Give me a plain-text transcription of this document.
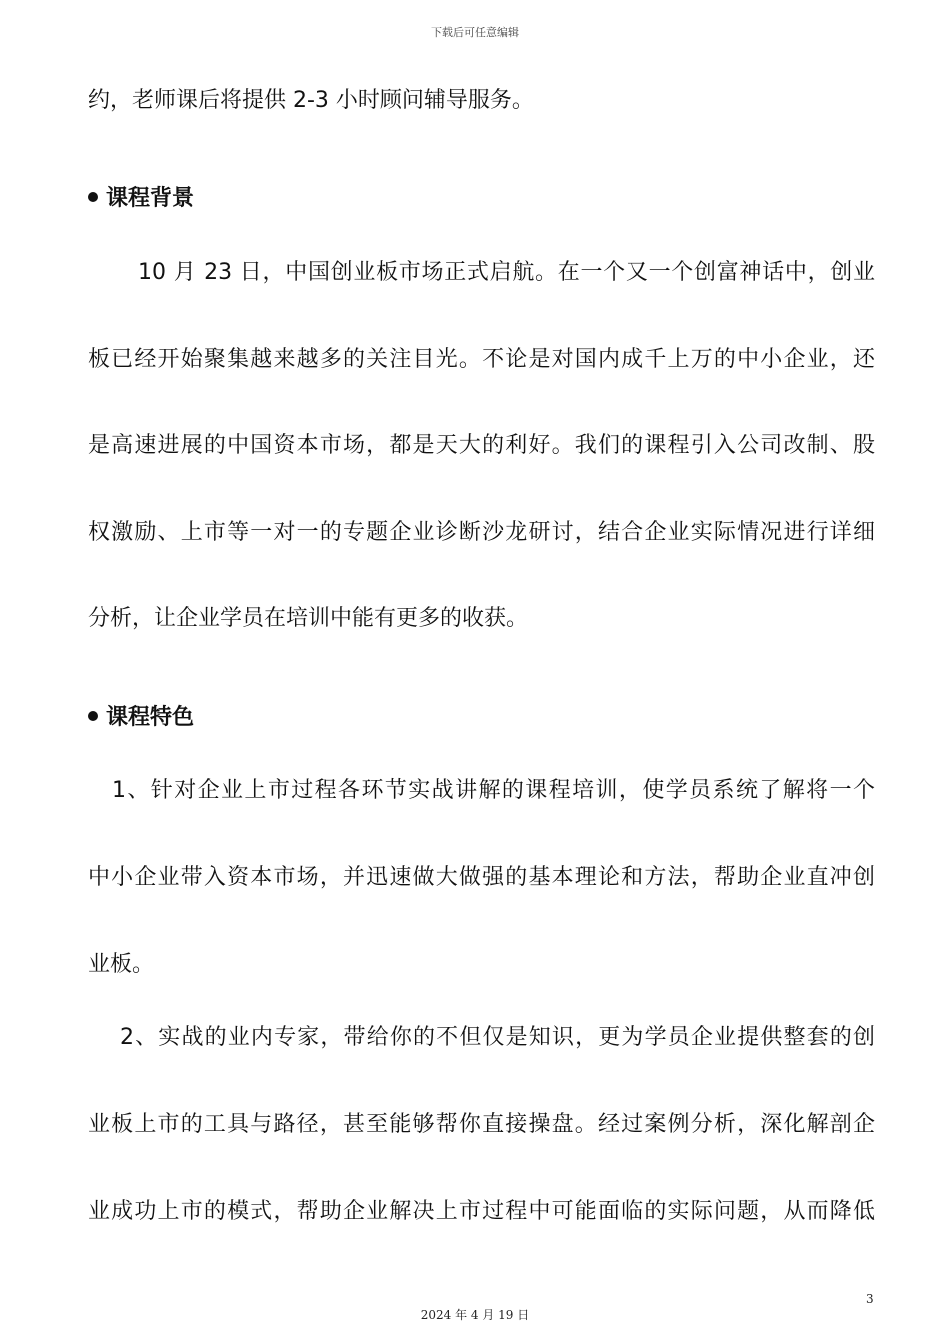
下载后可任意编辑
约，老师课后将提供 2-3 小时顾问辅导服务。
课程背景
10 月 23 日，中国创业板市场正式启航。在一个又一个创富神话中，创业
板已经开始聚集越来越多的关注目光。不论是对国内成千上万的中小企业，还
是高速进展的中国资本市场，都是天大的利好。我们的课程引入公司改制、股
权激励、上市等一对一的专题企业诊断沙龙研讨，结合企业实际情况进行详细
分析，让企业学员在培训中能有更多的收获。
课程特色
1、针对企业上市过程各环节实战讲解的课程培训，使学员系统了解将一个
中小企业带入资本市场，并迅速做大做强的基本理论和方法，帮助企业直冲创
业板。
2、实战的业内专家，带给你的不但仅是知识，更为学员企业提供整套的创
业板上市的工具与路径，甚至能够帮你直接操盘。经过案例分析，深化解剖企
业成功上市的模式，帮助企业解决上市过程中可能面临的实际问题，从而降低
3
2024 年 4 月 19 日
